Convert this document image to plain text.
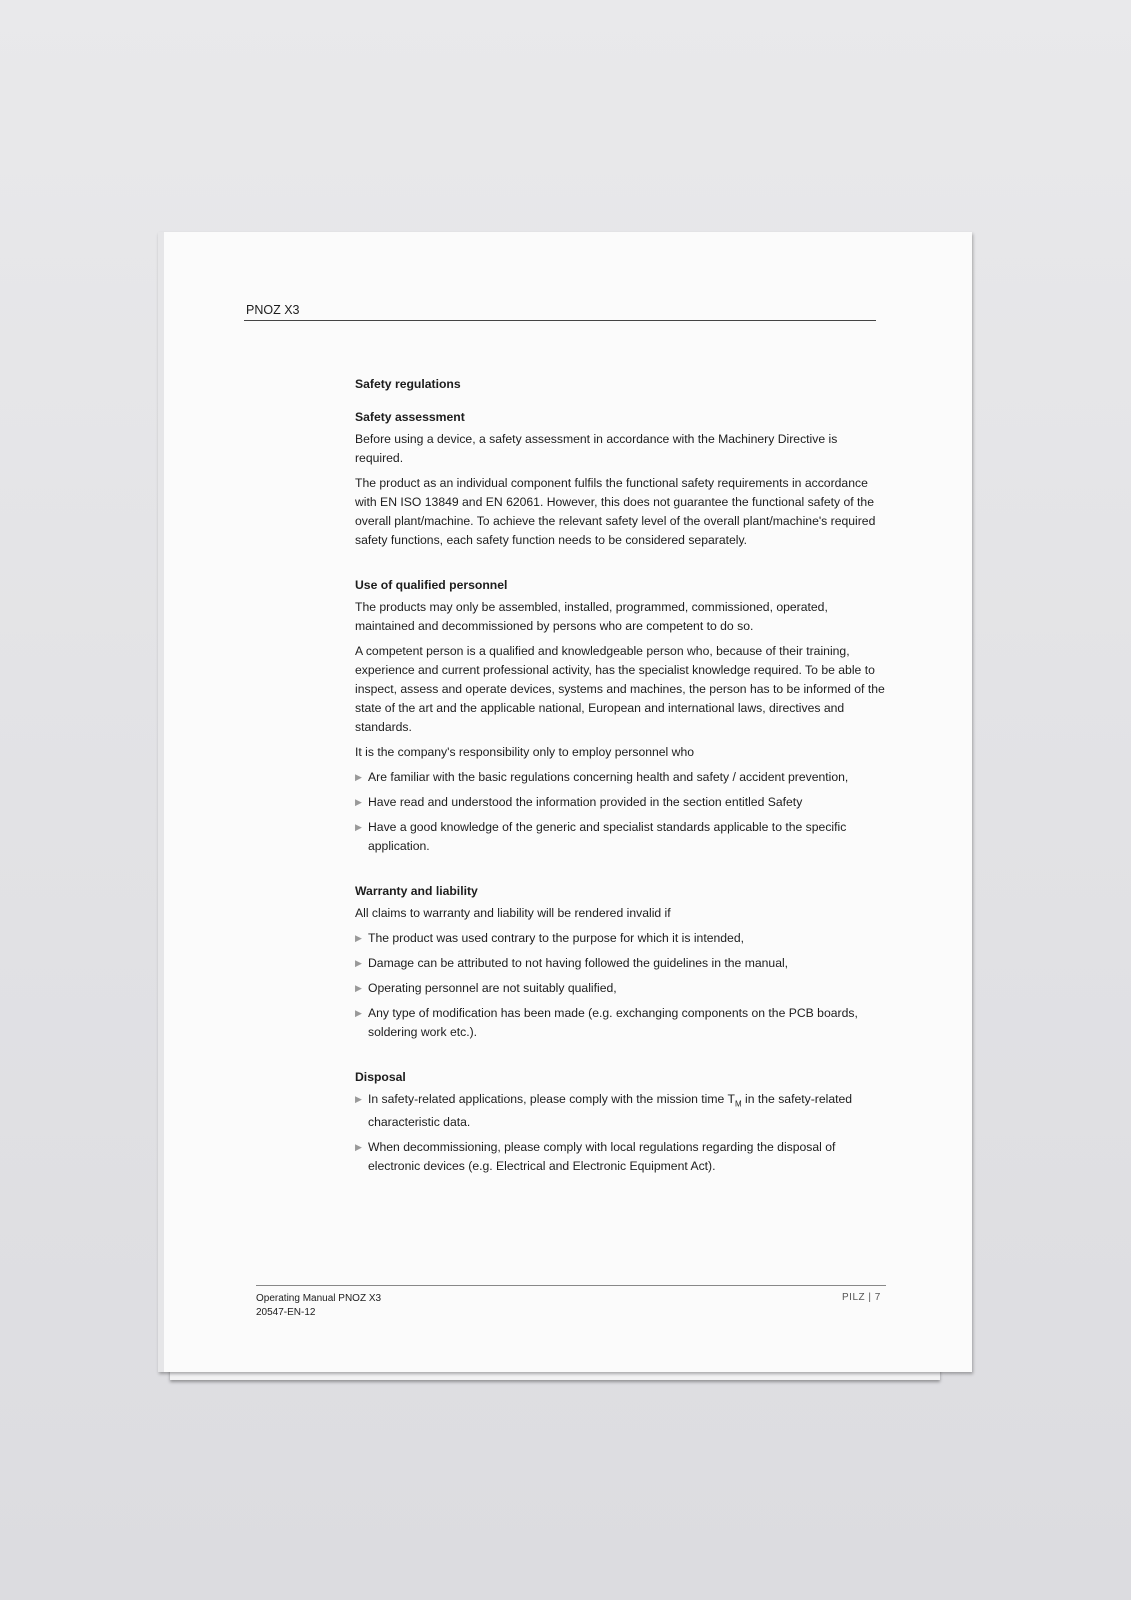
PNOZ X3
Safety regulations
Safety assessment

Before using a device, a safety assessment in accordance with the Machinery Directive is required.

The product as an individual component fulfils the functional safety requirements in accordance with EN ISO 13849 and EN 62061. However, this does not guarantee the functional safety of the overall plant/machine. To achieve the relevant safety level of the overall plant/machine's required safety functions, each safety function needs to be considered separately.

Use of qualified personnel

The products may only be assembled, installed, programmed, commissioned, operated, maintained and decommissioned by persons who are competent to do so.

A competent person is a qualified and knowledgeable person who, because of their training, experience and current professional activity, has the specialist knowledge required. To be able to inspect, assess and operate devices, systems and machines, the person has to be informed of the state of the art and the applicable national, European and international laws, directives and standards.

It is the company's responsibility only to employ personnel who

▶ Are familiar with the basic regulations concerning health and safety / accident prevention,
▶ Have read and understood the information provided in the section entitled Safety
▶ Have a good knowledge of the generic and specialist standards applicable to the specific application.
Warranty and liability

All claims to warranty and liability will be rendered invalid if

▶ The product was used contrary to the purpose for which it is intended,
▶ Damage can be attributed to not having followed the guidelines in the manual,
▶ Operating personnel are not suitably qualified,
▶ Any type of modification has been made (e.g. exchanging components on the PCB boards, soldering work etc.).
Disposal
▶ In safety-related applications, please comply with the mission time $T_M$ in the safety-related characteristic data.
▶ When decommissioning, please comply with local regulations regarding the disposal of electronic devices (e.g. Electrical and Electronic Equipment Act).
Operating Manual PNOZ X3
20547-EN-12
PILZ | 7
